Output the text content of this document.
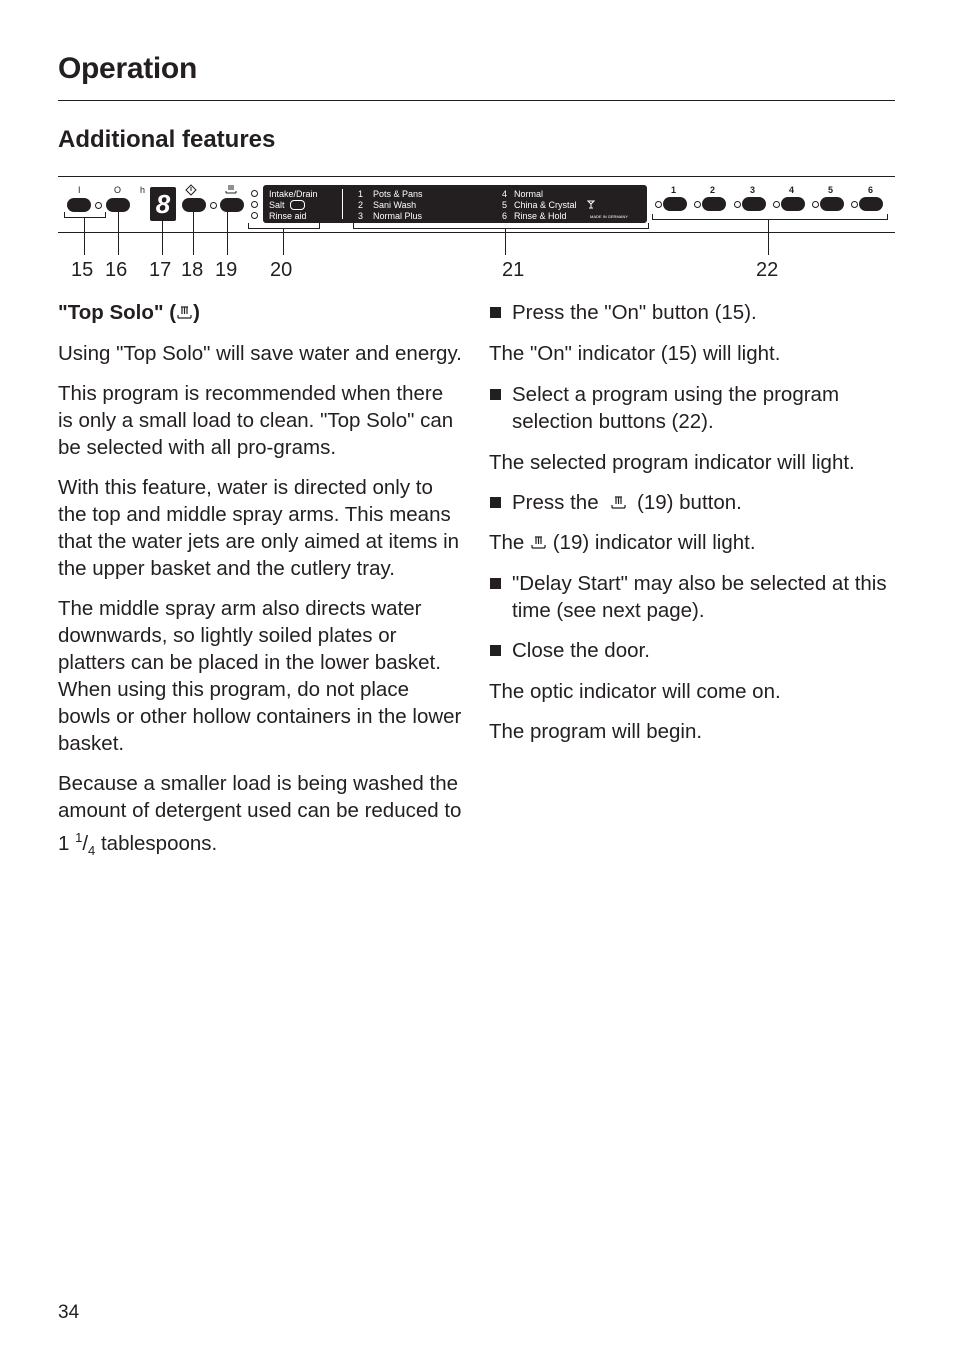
Operation
Additional features
I	O h 8	Intake/Drain
Salt
Rinse aid
1 Pots & Pans
2 Sani Wash
3 Normal Plus
4 Normal
5 China & Crystal
6 Rinse & Hold	MADE IN GERMANY
1	2	3	4	5	6
15 16 17 18 19 20	21	22

"Top Solo" ( )

Using "Top Solo" will save water and energy.

This program is recommended when there is only a small load to clean. "Top Solo" can be selected with all pro-grams.

With this feature, water is directed only to the top and middle spray arms. This means that the water jets are only aimed at items in the upper basket and the cutlery tray.

The middle spray arm also directs water downwards, so lightly soiled plates or platters can be placed in the lower basket.

When using this program, do not place bowls or other hollow containers in the lower basket.

Because a smaller load is being washed the amount of detergent used can be reduced to 1 $^1/_4$ tablespoons.

Press the "On" button (15).

The "On" indicator (15) will light.

Select a program using the program selection buttons (22).

The selected program indicator will light.

Press the  (19) button.

The  (19) indicator will light.

"Delay Start" may also be selected at this time (see next page).

Close the door.

The optic indicator will come on.

The program will begin.

34
